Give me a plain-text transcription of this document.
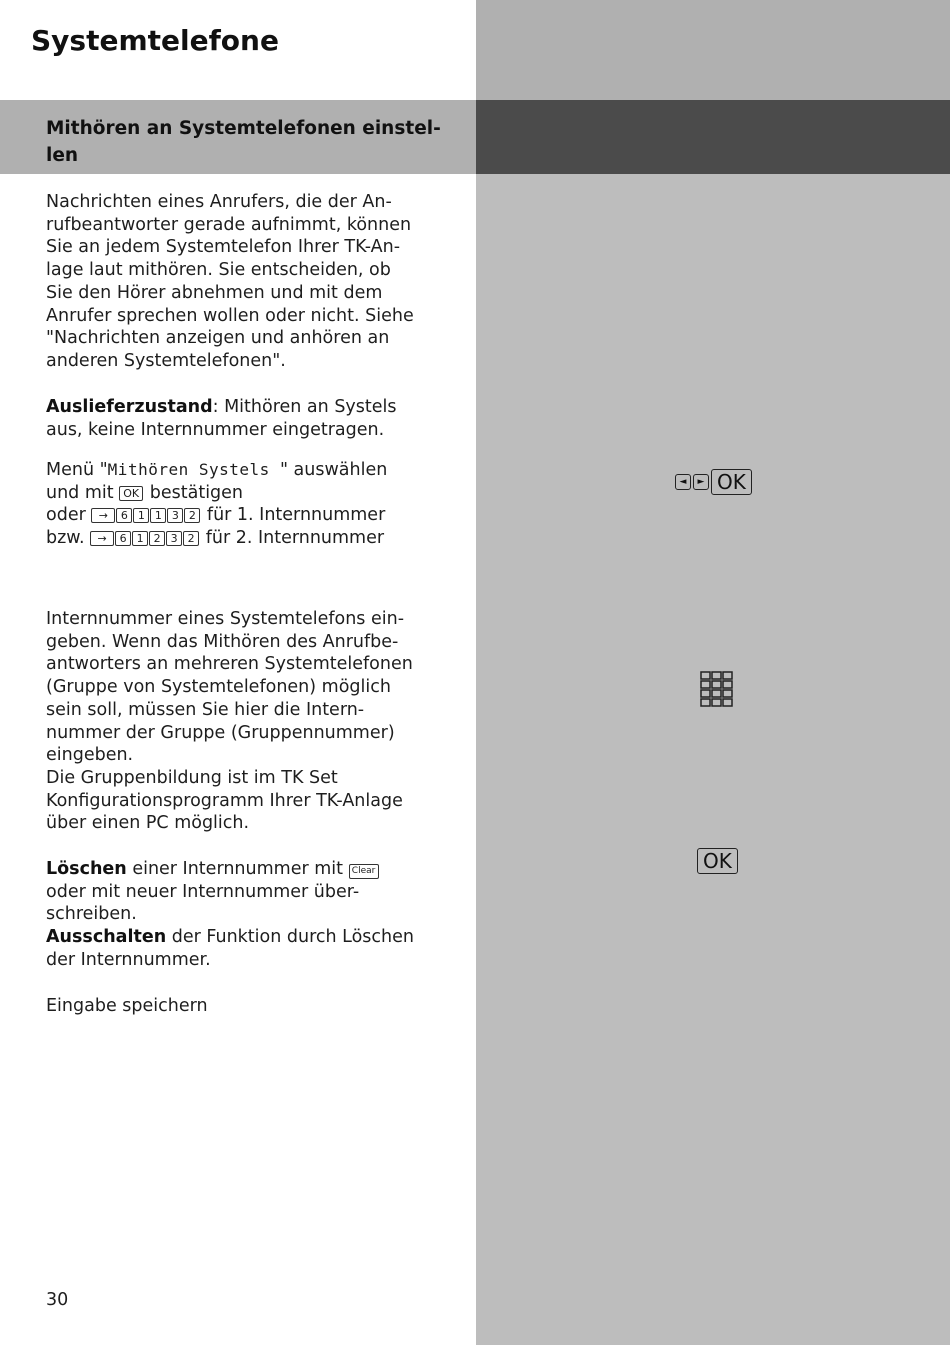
Systemtelefone
Mithören an Systemtelefonen einstel-
len

Nachrichten eines Anrufers, die der An-
rufbeantworter gerade aufnimmt, können
Sie an jedem Systemtelefon Ihrer TK-An-
lage laut mithören. Sie entscheiden, ob
Sie den Hörer abnehmen und mit dem
Anrufer sprechen wollen oder nicht. Siehe
"Nachrichten anzeigen und anhören an
anderen Systemtelefonen".

Auslieferzustand: Mithören an Systels
aus, keine Internnummer eingetragen.

Menü "Mithören Systels " auswählen
und mit OK bestätigen
oder → 6 1 1 3 2 für 1. Internnummer
bzw. → 6 1 2 3 2 für 2. Internnummer

Internnummer eines Systemtelefons ein-
geben. Wenn das Mithören des Anrufbe-
antworters an mehreren Systemtelefonen
(Gruppe von Systemtelefonen) möglich
sein soll, müssen Sie hier die Intern-
nummer der Gruppe (Gruppennummer)
eingeben.
Die Gruppenbildung ist im TK Set
Konfigurationsprogramm Ihrer TK-Anlage
über einen PC möglich.

Löschen einer Internnummer mit Clear
oder mit neuer Internnummer über-
schreiben.
Ausschalten der Funktion durch Löschen
der Internnummer.

Eingabe speichern

◄ ► OK
OK

30
